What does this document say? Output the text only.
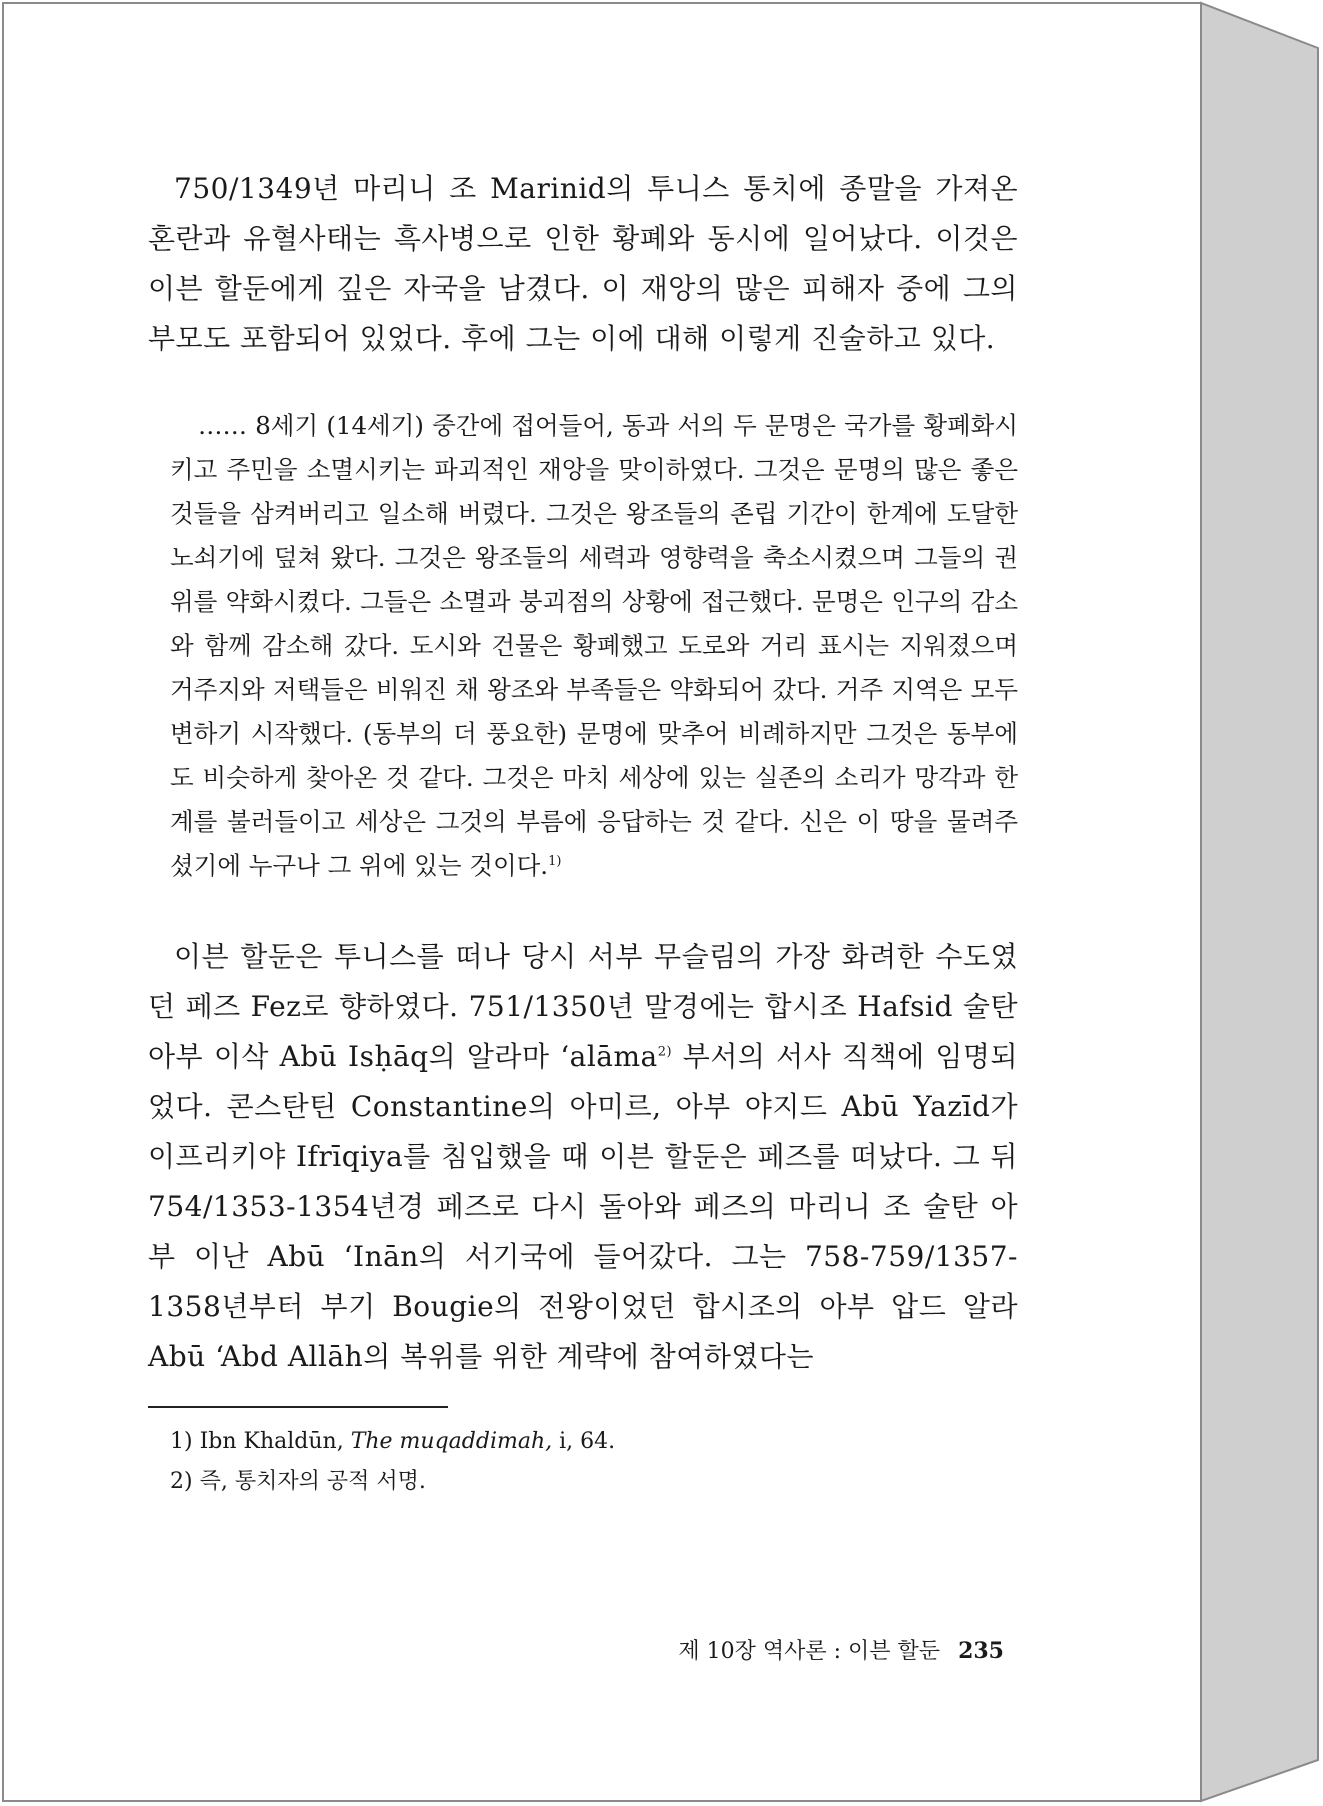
750/1349년 마리니 조 Marinid의 투니스 통치에 종말을 가져온 혼란과 유혈사태는 흑사병으로 인한 황폐와 동시에 일어났다. 이것은 이븐 할둔에게 깊은 자국을 남겼다. 이 재앙의 많은 피해자 중에 그의 부모도 포함되어 있었다. 후에 그는 이에 대해 이렇게 진술하고 있다.

…… 8세기 (14세기) 중간에 접어들어, 동과 서의 두 문명은 국가를 황폐화시키고 주민을 소멸시키는 파괴적인 재앙을 맞이하였다. 그것은 문명의 많은 좋은 것들을 삼켜버리고 일소해 버렸다. 그것은 왕조들의 존립 기간이 한계에 도달한 노쇠기에 덮쳐 왔다. 그것은 왕조들의 세력과 영향력을 축소시켰으며 그들의 권위를 약화시켰다. 그들은 소멸과 붕괴점의 상황에 접근했다. 문명은 인구의 감소와 함께 감소해 갔다. 도시와 건물은 황폐했고 도로와 거리 표시는 지워졌으며 거주지와 저택들은 비워진 채 왕조와 부족들은 약화되어 갔다. 거주 지역은 모두 변하기 시작했다. (동부의 더 풍요한) 문명에 맞추어 비례하지만 그것은 동부에도 비슷하게 찾아온 것 같다. 그것은 마치 세상에 있는 실존의 소리가 망각과 한계를 불러들이고 세상은 그것의 부름에 응답하는 것 같다. 신은 이 땅을 물려주셨기에 누구나 그 위에 있는 것이다.$^{1)}$

이븐 할둔은 투니스를 떠나 당시 서부 무슬림의 가장 화려한 수도였던 페즈 Fez로 향하였다. 751/1350년 말경에는 합시조 Hafsid 술탄 아부 이삭 Abū Isḥāq의 알라마 ‘alāma$^{2)}$ 부서의 서사 직책에 임명되었다. 콘스탄틴 Constantine의 아미르, 아부 야지드 Abū Yazīd가 이프리키야 Ifrīqiya를 침입했을 때 이븐 할둔은 페즈를 떠났다. 그 뒤 754/1353-1354년경 페즈로 다시 돌아와 페즈의 마리니 조 술탄 아부 이난 Abū ‘Inān의 서기국에 들어갔다. 그는 758-759/1357-1358년부터 부기 Bougie의 전왕이었던 합시조의 아부 압드 알라 Abū ‘Abd Allāh의 복위를 위한 계략에 참여하였다는

1) Ibn Khaldūn, The muqaddimah, i, 64.
2) 즉, 통치자의 공적 서명.
제 10장 역사론 : 이븐 할둔 235
